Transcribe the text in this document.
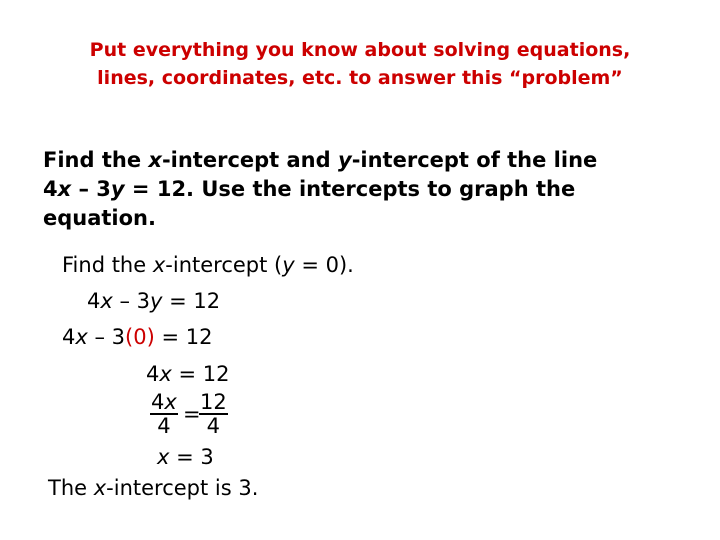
Put everything you know about solving equations,
lines, coordinates, etc. to answer this “problem”
Find the x-intercept and y-intercept of the line
4x – 3y = 12. Use the intercepts to graph the
equation.
Find the x-intercept (y = 0).
4x – 3y = 12
4x – 3(0) = 12
4x = 12
$\frac{4x}{4}$ =
$\frac{12}{4}$
x = 3
The x-intercept is 3.
